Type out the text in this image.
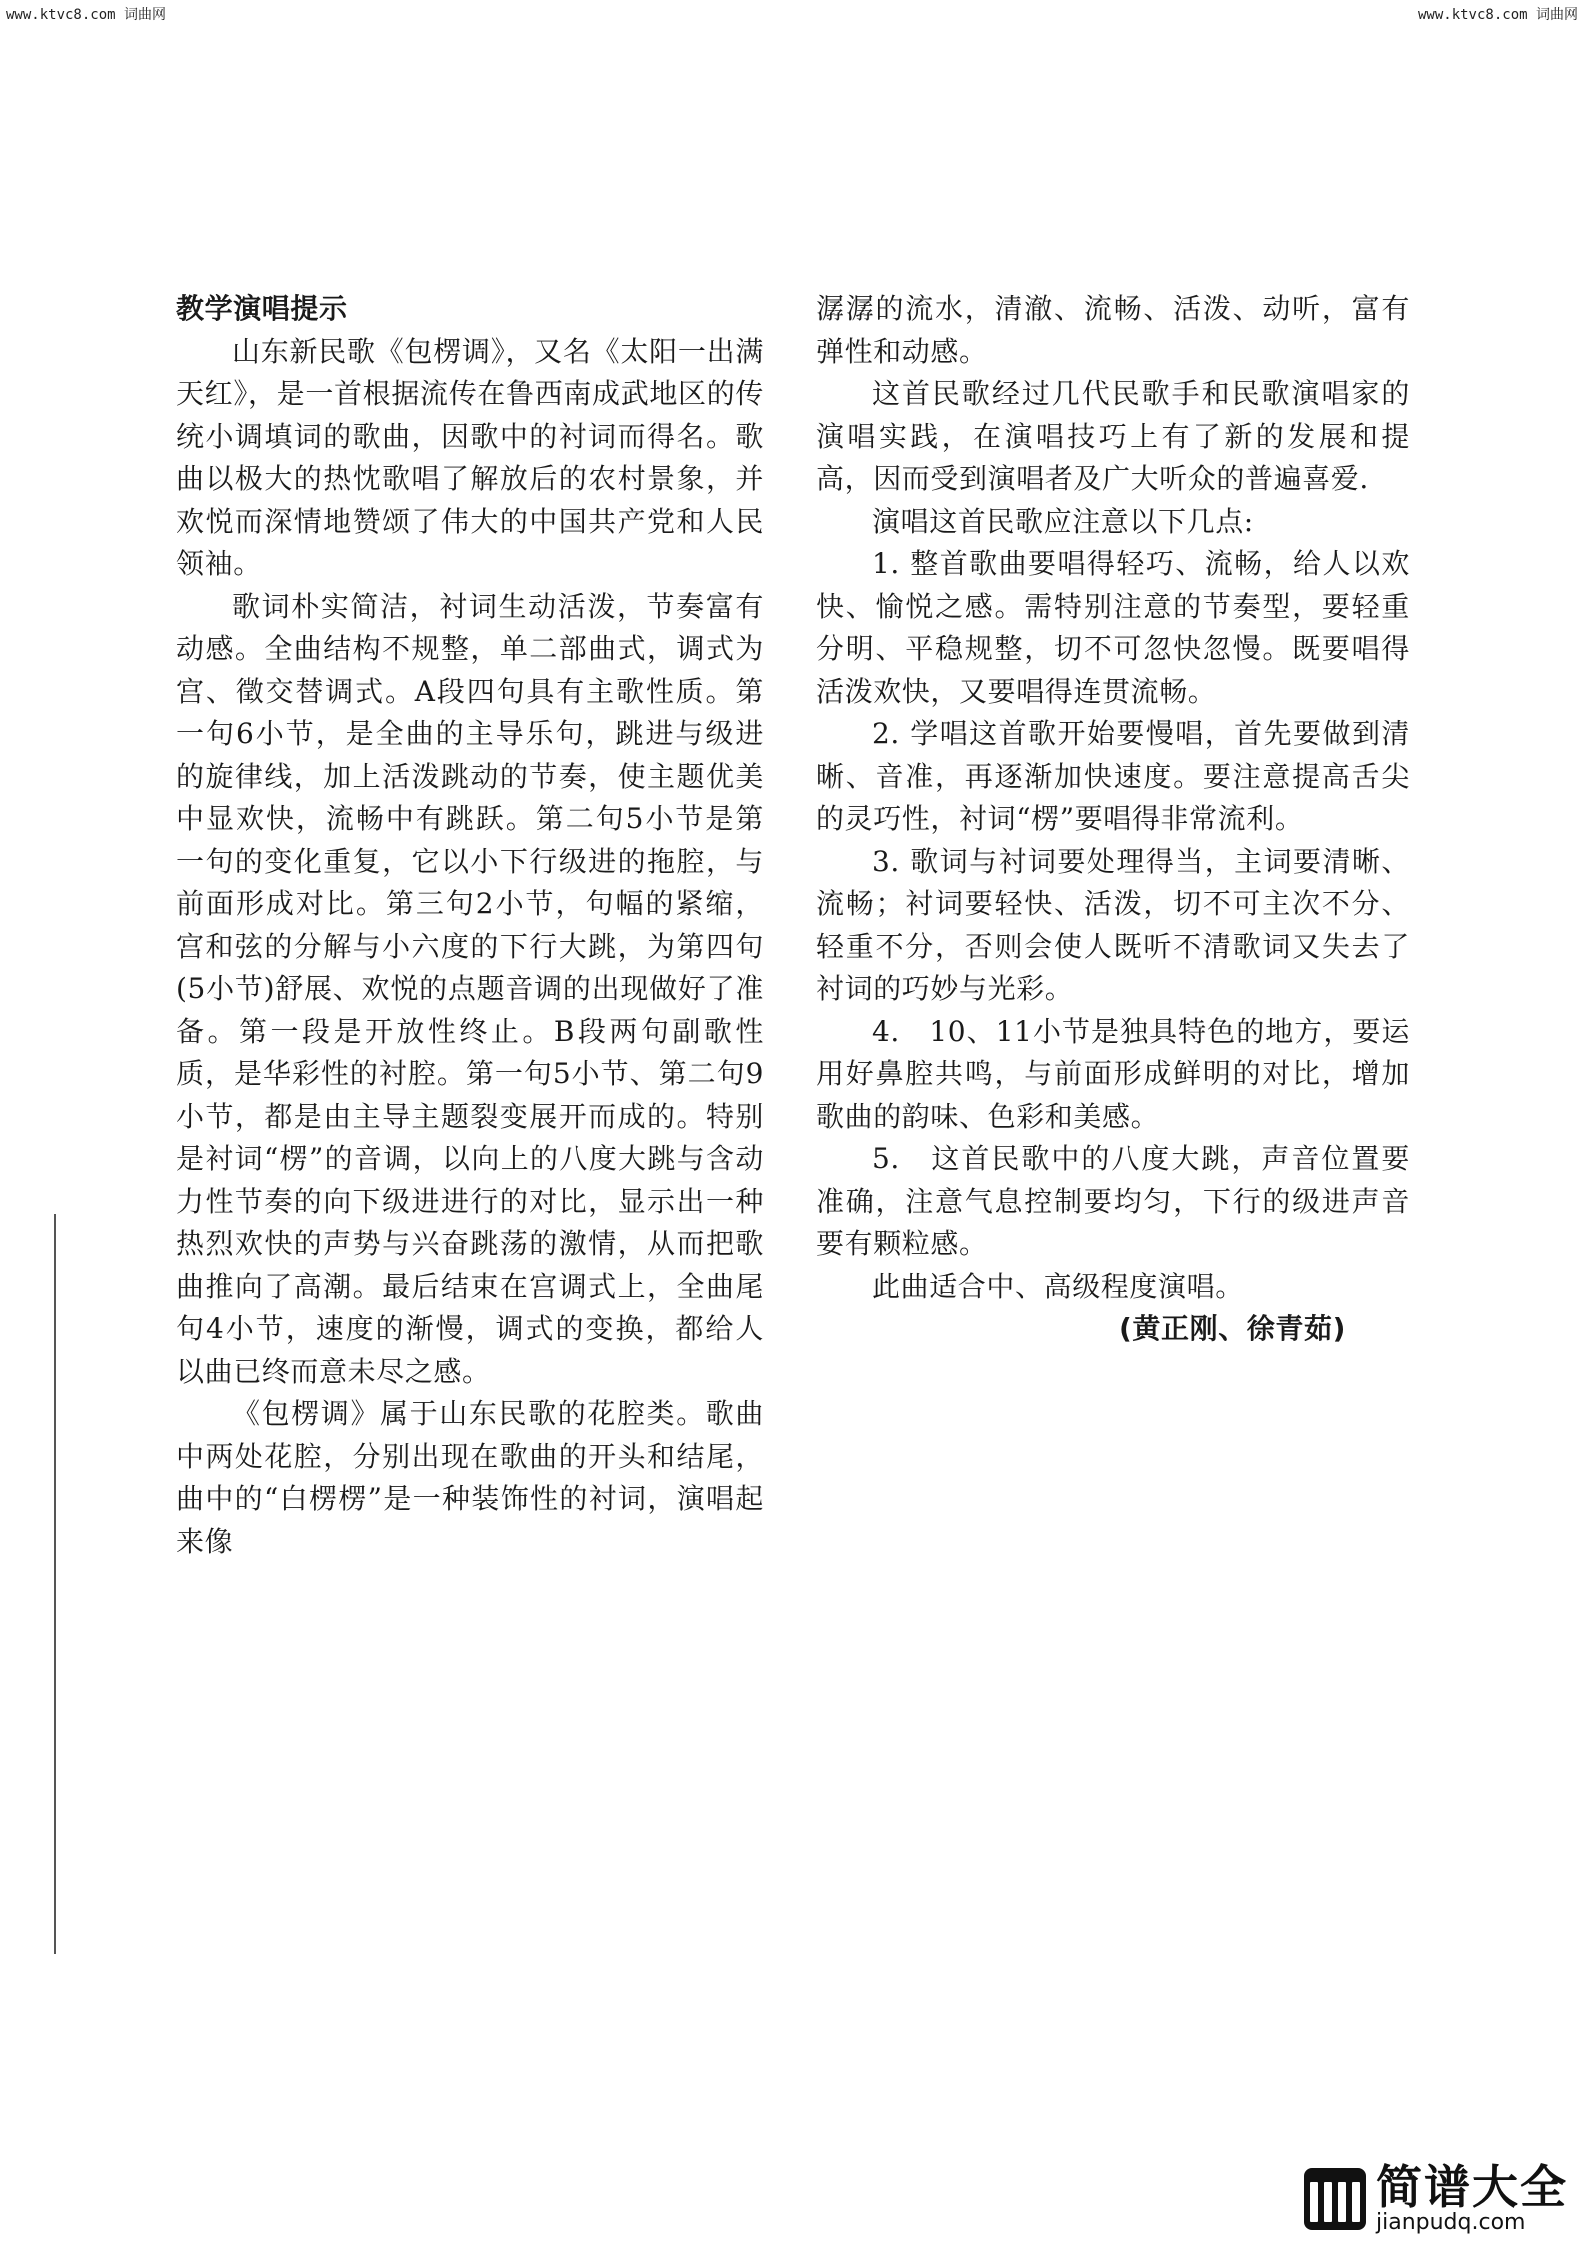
www.ktvc8.com 词曲网	www.ktvc8.com 词曲网
教学演唱提示

山东新民歌《包楞调》，又名《太阳一出满天红》，是一首根据流传在鲁西南成武地区的传统小调填词的歌曲，因歌中的衬词而得名。歌曲以极大的热忱歌唱了解放后的农村景象，并欢悦而深情地赞颂了伟大的中国共产党和人民领袖。

歌词朴实简洁，衬词生动活泼，节奏富有动感。全曲结构不规整，单二部曲式，调式为宫、徵交替调式。A段四句具有主歌性质。第一句6小节，是全曲的主导乐句，跳进与级进的旋律线，加上活泼跳动的节奏，使主题优美中显欢快，流畅中有跳跃。第二句5小节是第一句的变化重复，它以小下行级进的拖腔，与前面形成对比。第三句2小节，句幅的紧缩，宫和弦的分解与小六度的下行大跳，为第四句(5小节)舒展、欢悦的点题音调的出现做好了准备。第一段是开放性终止。B段两句副歌性质，是华彩性的衬腔。第一句5小节、第二句9小节，都是由主导主题裂变展开而成的。特别是衬词“楞”的音调，以向上的八度大跳与含动力性节奏的向下级进进行的对比，显示出一种热烈欢快的声势与兴奋跳荡的激情，从而把歌曲推向了高潮。最后结束在宫调式上，全曲尾句4小节，速度的渐慢，调式的变换，都给人以曲已终而意未尽之感。

《包楞调》属于山东民歌的花腔类。歌曲中两处花腔，分别出现在歌曲的开头和结尾，曲中的“白楞楞”是一种装饰性的衬词，演唱起来像

潺潺的流水，清澈、流畅、活泼、动听，富有弹性和动感。

这首民歌经过几代民歌手和民歌演唱家的演唱实践，在演唱技巧上有了新的发展和提高，因而受到演唱者及广大听众的普遍喜爱.

演唱这首民歌应注意以下几点:

1. 整首歌曲要唱得轻巧、流畅，给人以欢快、愉悦之感。需特别注意的节奏型，要轻重分明、平稳规整，切不可忽快忽慢。既要唱得活泼欢快，又要唱得连贯流畅。

2. 学唱这首歌开始要慢唱，首先要做到清晰、音准，再逐渐加快速度。要注意提高舌尖的灵巧性，衬词“楞”要唱得非常流利。

3. 歌词与衬词要处理得当，主词要清晰、流畅；衬词要轻快、活泼，切不可主次不分、轻重不分，否则会使人既听不清歌词又失去了衬词的巧妙与光彩。

4.　10、11小节是独具特色的地方，要运用好鼻腔共鸣，与前面形成鲜明的对比，增加歌曲的韵味、色彩和美感。

5.　这首民歌中的八度大跳，声音位置要准确，注意气息控制要均匀，下行的级进声音要有颗粒感。

此曲适合中、高级程度演唱。

(黄正刚、徐青茹)

简谱大全
jianpudq.com
